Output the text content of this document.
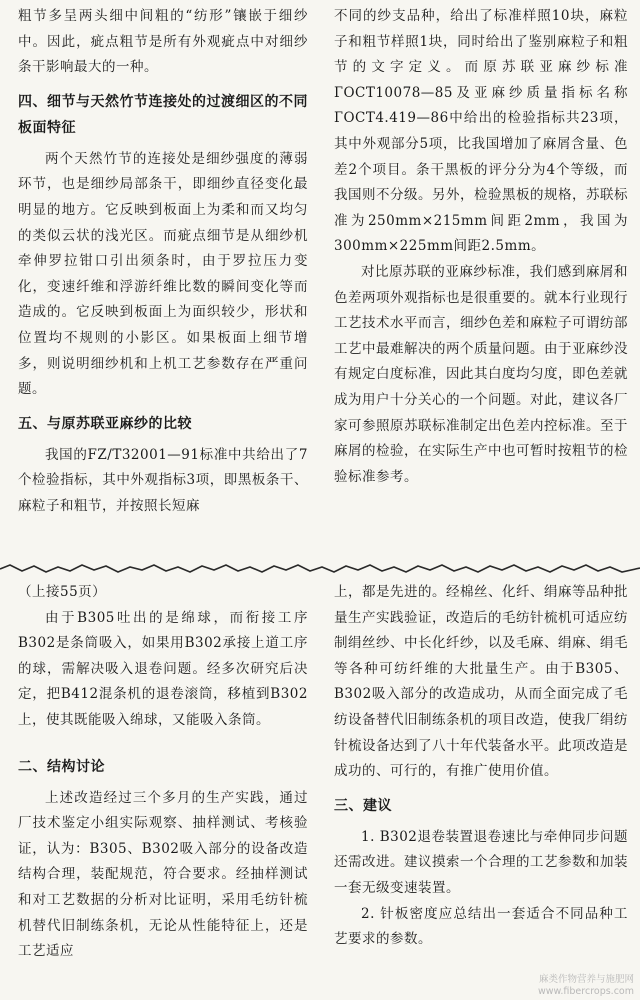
粗节多呈两头细中间粗的“纺形”镶嵌于细纱中。因此，疵点粗节是所有外观疵点中对细纱条干影响最大的一种。

四、细节与天然竹节连接处的过渡细区的不同板面特征

两个天然竹节的连接处是细纱强度的薄弱环节，也是细纱局部条干，即细纱直径变化最明显的地方。它反映到板面上为柔和而又均匀的类似云状的浅光区。而疵点细节是从细纱机牵伸罗拉钳口引出须条时，由于罗拉压力变化，变速纤维和浮游纤维比数的瞬间变化等而造成的。它反映到板面上为面织较少，形状和位置均不规则的小影区。如果板面上细节增多，则说明细纱机和上机工艺参数存在严重问题。

五、与原苏联亚麻纱的比较

我国的FZ/T32001—91标准中共给出了7个检验指标，其中外观指标3项，即黑板条干、麻粒子和粗节，并按照长短麻

不同的纱支品种，给出了标准样照10块，麻粒子和粗节样照1块，同时给出了鉴别麻粒子和粗节的文字定义。而原苏联亚麻纱标准ГОСТ10078—85及亚麻纱质量指标名称ГОСТ4.419—86中给出的检验指标共23项，其中外观部分5项，比我国增加了麻屑含量、色差2个项目。条干黑板的评分分为4个等级，而我国则不分级。另外，检验黑板的规格，苏联标准为250mm×215mm间距2mm，我国为300mm×225mm间距2.5mm。

对比原苏联的亚麻纱标准，我们感到麻屑和色差两项外观指标也是很重要的。就本行业现行工艺技术水平而言，细纱色差和麻粒子可谓纺部工艺中最难解决的两个质量问题。由于亚麻纱没有规定白度标准，因此其白度均匀度，即色差就成为用户十分关心的一个问题。对此，建议各厂家可参照原苏联标准制定出色差内控标准。至于麻屑的检验，在实际生产中也可暂时按粗节的检验标准参考。

（上接55页）

由于B305吐出的是绵球，而衔接工序B302是条筒吸入，如果用B302承接上道工序的球，需解决吸入退卷问题。经多次研究后决定，把B412混条机的退卷滚筒，移植到B302上，使其既能吸入绵球，又能吸入条筒。

二、结构讨论

上述改造经过三个多月的生产实践，通过厂技术鉴定小组实际观察、抽样测试、考核验证，认为：B305、B302吸入部分的设备改造结构合理，装配规范，符合要求。经抽样测试和对工艺数据的分析对比证明，采用毛纺针梳机替代旧制练条机，无论从性能特征上，还是工艺适应

上，都是先进的。经棉丝、化纤、绢麻等品种批量生产实践验证，改造后的毛纺针梳机可适应纺制绢丝纱、中长化纤纱，以及毛麻、绢麻、绢毛等各种可纺纤维的大批量生产。由于B305、B302吸入部分的改造成功，从而全面完成了毛纺设备替代旧制练条机的项目改造，使我厂绢纺针梳设备达到了八十年代装备水平。此项改造是成功的、可行的，有推广使用价值。

三、建议

1. B302退卷装置退卷速比与牵伸同步问题还需改进。建议摸索一个合理的工艺参数和加装一套无级变速装置。

2. 针板密度应总结出一套适合不同品种工艺要求的参数。

麻类作物营养与施肥网
www.fibercrops.com
